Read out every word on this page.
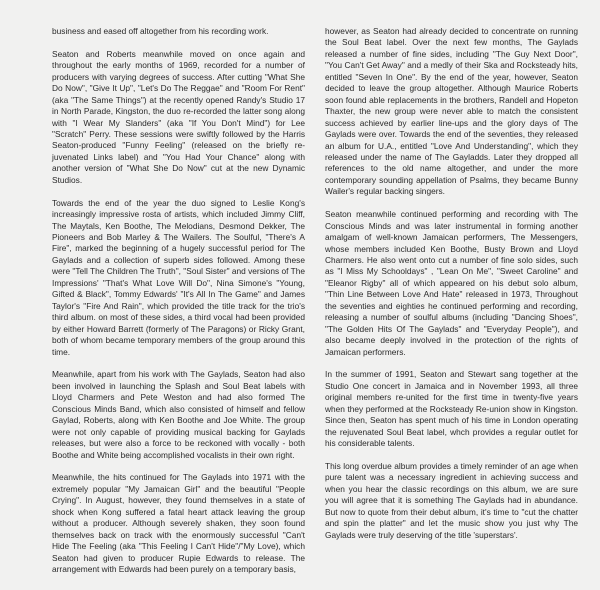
business and eased off altogether from his recording work.

Seaton and Roberts meanwhile moved on once again and throughout the early months of 1969, recorded for a number of producers with varying degrees of success. After cutting "What She Do Now", "Give It Up", "Let's Do The Reggae" and "Room For Rent" (aka "The Same Things") at the recently opened Randy's Studio 17 in North Parade, Kingston, the duo re-recorded the latter song along with "I Wear My Slanders" (aka "If You Don't Mind") for Lee "Scratch" Perry. These sessions were swiftly followed by the Harris Seaton-produced "Funny Feeling" (released on the briefly re-juvenated Links label) and "You Had Your Chance" along with another version of "What She Do Now" cut at the new Dynamic Studios.

Towards the end of the year the duo signed to Leslie Kong's increasingly impressive rosta of artists, which included Jimmy Cliff, The Maytals, Ken Boothe, The Melodians, Desmond Dekker, The Pioneers and Bob Marley & The Wailers. The Soulful, "There's A Fire", marked the beginning of a hugely successful period for The Gaylads and a collection of superb sides followed. Among these were "Tell The Children The Truth", "Soul Sister" and versions of The Impressions' "That's What Love Will Do", Nina Simone's "Young, Gifted & Black", Tommy Edwards' "It's All In The Game" and James Taylor's "Fire And Rain", which provided the title track for the trio's third album. on most of these sides, a third vocal had been provided by either Howard Barrett (formerly of The Paragons) or Ricky Grant, both of whom became temporary members of the group around this time.

Meanwhile, apart from his work with The Gaylads, Seaton had also been involved in launching the Splash and Soul Beat labels with Lloyd Charmers and Pete Weston and had also formed The Conscious Minds Band, which also consisted of himself and fellow Gaylad, Roberts, along with Ken Boothe and Joe White. The group were not only capable of providing musical backing for Gaylads releases, but were also a force to be reckoned with vocally - both Boothe and White being accomplished vocalists in their own right.

Meanwhile, the hits continued for The Gaylads into 1971 with the extremely popular "My Jamaican Girl" and the beautiful "People Crying". In August, however, they found themselves in a state of shock when Kong suffered a fatal heart attack leaving the group without a producer. Although severely shaken, they soon found themselves back on track with the enormously successful "Can't Hide The Feeling (aka "This Feeling I Can't Hide"/"My Love), which Seaton had given to producer Rupie Edwards to release. The arrangement with Edwards had been purely on a temporary basis,

however, as Seaton had already decided to concentrate on running the Soul Beat label. Over the next few months, The Gaylads released a number of fine sides, including "The Guy Next Door", "You Can't Get Away" and a medly of their Ska and Rocksteady hits, entitled "Seven In One". By the end of the year, however, Seaton decided to leave the group altogether. Although Maurice Roberts soon found able replacements in the brothers, Randell and Hopeton Thaxter, the new group were never able to match the consistent success achieved by earlier line-ups and the glory days of The Gaylads were over. Towards the end of the seventies, they released an album for U.A., entitled "Love And Understanding", which they released under the name of The Gayladds. Later they dropped all references to the old name altogether, and under the more contemporary sounding appellation of Psalms, they became Bunny Wailer's regular backing singers.

Seaton meanwhile continued performing and recording with The Conscious Minds and was later instrumental in forming another amalgam of well-known Jamaican performers, The Messengers, whose members included Ken Boothe, Busty Brown and Lloyd Charmers. He also went onto cut a number of fine solo sides, such as "I Miss My Schooldays" , "Lean On Me", "Sweet Caroline" and "Eleanor Rigby" all of which appeared on his debut solo album, "Thin Line Between Love And Hate" released in 1973, Throughout the seventies and eighties he continued performing and recording, releasing a number of soulful albums (including "Dancing Shoes", "The Golden Hits Of The Gaylads" and "Everyday People"), and also became deeply involved in the protection of the rights of Jamaican performers.

In the summer of 1991, Seaton and Stewart sang together at the Studio One concert in Jamaica and in November 1993, all three original members re-united for the first time in twenty-five years when they performed at the Rocksteady Re-union show in Kingston. Since then, Seaton has spent much of his time in London operating the rejuvenated Soul Beat label, whch provides a regular outlet for his considerable talents.

This long overdue album provides a timely reminder of an age when pure talent was a necessary ingredient in achieving success and when you hear the classic recordings on this album, we are sure you will agree that it is something The Gaylads had in abundance. But now to quote from their debut album, it's time to "cut the chatter and spin the platter" and let the music show you just why The Gaylads were truly deserving of the title 'superstars'.
